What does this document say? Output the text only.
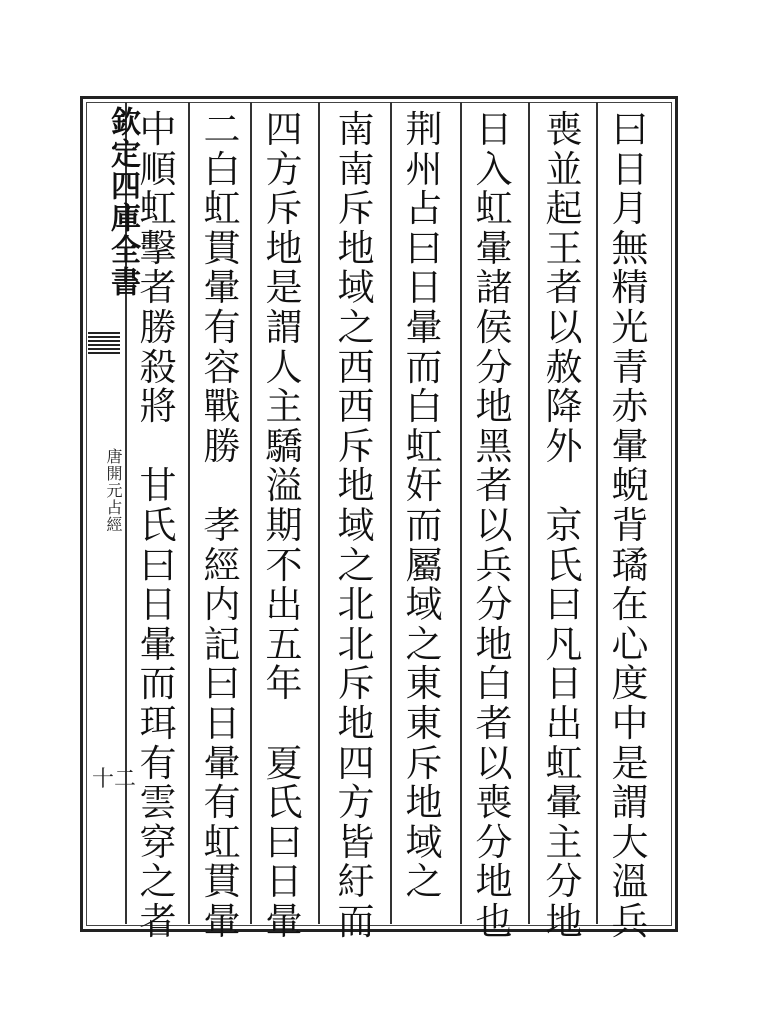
欽定四庫全書
唐開元占經
十二
曰
日
月
無
精
光
青
赤
暈
蜺
背
璚
在
心
度
中
是
謂
大
溫
兵
喪
並
起
王
者
以
赦
降
外

京
氏
曰
凡
日
出
虹
暈
主
分
地
日
入
虹
暈
諸
侯
分
地
黑
者
以
兵
分
地
白
者
以
喪
分
地
也
荆
州
占
曰
日
暈
而
白
虹
奸
而
屬
域
之
東
東
斥
地
域
之
南
南
斥
地
域
之
西
西
斥
地
域
之
北
北
斥
地
四
方
皆
紆
而
四
方
斥
地
是
謂
人
主
驕
溢
期
不
出
五
年

夏
氏
曰
日
暈
二
白
虹
貫
暈
有
容
戰
勝

孝
經
内
記
曰
日
暈
有
虹
貫
暈
中
順
虹
擊
者
勝
殺
將

甘
氏
曰
日
暈
而
珥
有
雲
穿
之
者
